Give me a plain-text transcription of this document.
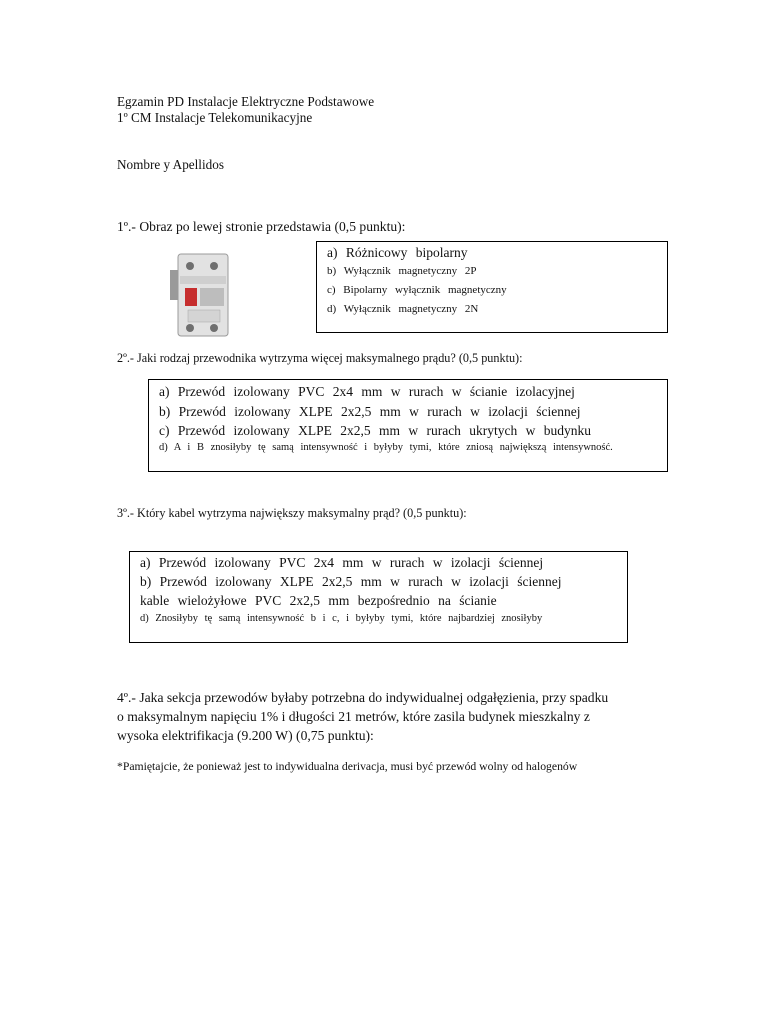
Egzamin PD Instalacje Elektryczne Podstawowe
1º CM Instalacje Telekomunikacyjne
Nombre y Apellidos
1º.- Obraz po lewej stronie przedstawia (0,5 punktu):
a) Różnicowy bipolarny
b) Wyłącznik magnetyczny 2P
c) Bipolarny wyłącznik magnetyczny
d) Wyłącznik magnetyczny 2N
2º.- Jaki rodzaj przewodnika wytrzyma więcej maksymalnego prądu? (0,5 punktu):
a) Przewód izolowany PVC 2x4 mm w rurach w ścianie izolacyjnej
b) Przewód izolowany XLPE 2x2,5 mm w rurach w izolacji ściennej
c) Przewód izolowany XLPE 2x2,5 mm w rurach ukrytych w budynku
d) A i B znosiłyby tę samą intensywność i byłyby tymi, które zniosą największą intensywność.
3º.- Który kabel wytrzyma największy maksymalny prąd? (0,5 punktu):
a) Przewód izolowany PVC 2x4 mm w rurach w izolacji ściennej
b) Przewód izolowany XLPE 2x2,5 mm w rurach w izolacji ściennej
kable wielożyłowe PVC 2x2,5 mm bezpośrednio na ścianie
d) Znosiłyby tę samą intensywność b i c, i byłyby tymi, które najbardziej znosiłyby
4º.- Jaka sekcja przewodów byłaby potrzebna do indywidualnej odgałęzienia, przy spadku
o maksymalnym napięciu 1% i długości 21 metrów, które zasila budynek mieszkalny z
wysoka elektrifikacja (9.200 W) (0,75 punktu):
*Pamiętajcie, że ponieważ jest to indywidualna derivacja, musi być przewód wolny od halogenów
